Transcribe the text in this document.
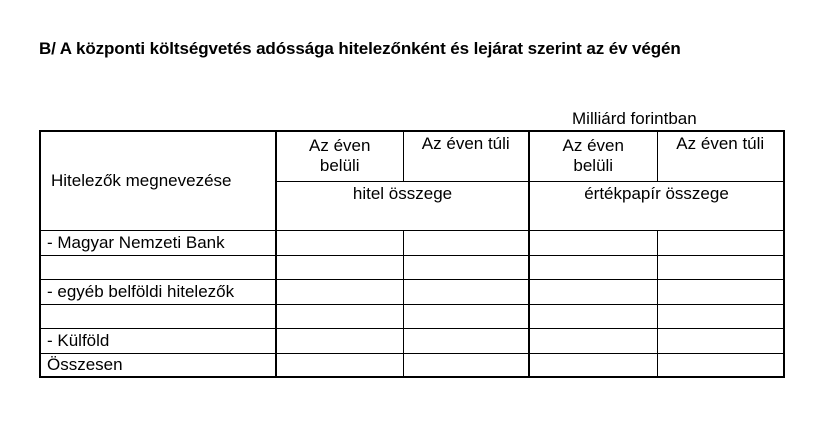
B/ A központi költségvetés adóssága hitelezőnként és lejárat szerint az év végén
Milliárd forintban
Hitelezők megnevezése	Az éven belüli	Az éven túli	Az éven belüli	Az éven túli
	hitel összege		értékpapír összege	
- Magyar Nemzeti Bank				

- egyéb belföldi hitelezők				

- Külföld				
Összesen				
